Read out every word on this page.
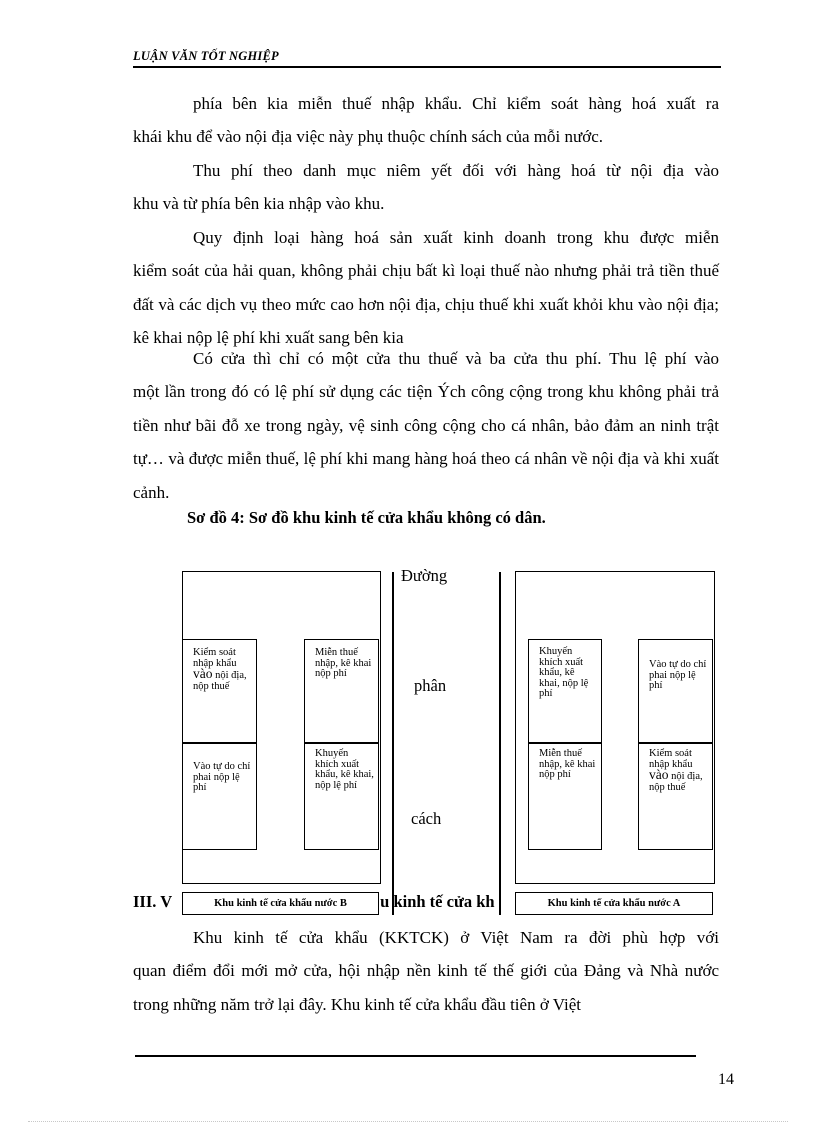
LUẬN VĂN TỐT NGHIỆP

phía bên kia miễn thuế nhập khẩu. Chỉ kiểm soát hàng hoá xuất ra
khái khu để vào nội địa việc này phụ thuộc chính sách của mỗi nước.

Thu phí theo danh mục niêm yết đối với hàng hoá từ nội địa vào
khu và từ phía bên kia nhập vào khu.

Quy định loại hàng hoá sản xuất kinh doanh trong khu được miễn
kiểm soát của hải quan, không phải chịu bất kì loại thuế nào nhưng phải trả tiền thuế đất và các dịch vụ theo mức cao hơn nội địa, chịu thuế khi xuất khỏi khu vào nội địa; kê khai nộp lệ phí khi xuất sang bên kia

Có cửa thì chỉ có một cửa thu thuế và ba cửa thu phí. Thu lệ phí vào
một lần trong đó có lệ phí sử dụng các tiện Ých công cộng trong khu không phải trả tiền như bãi đỗ xe trong ngày, vệ sinh công cộng cho cá nhân, bảo đảm an ninh trật tự… và được miễn thuế, lệ phí khi mang hàng hoá theo cá nhân về nội địa và khi xuất cảnh.

Sơ đồ 4: Sơ đồ khu kinh tế cửa khẩu không có dân.
Kiểm soát nhập khẩu vào nội địa, nộp thuế
Miễn thuế nhập, kê khai nộp phí
Vào tự do chỉ phai nộp lệ phí
Khuyến khích xuất khẩu, kê khai, nộp lệ phí
Khuyến khích xuất khẩu, kê khai, nộp lệ phí
Vào tự do chỉ phai nộp lệ phí
Miễn thuế nhập, kê khai nộp phí
Kiểm soát nhập khẩu vào nội địa, nộp thuế
Đường
phân
cách
III. V	u kinh tế cửa kh
Khu kinh tế cửa khẩu nước B	Khu kinh tế cửa khẩu nước A

Khu kinh tế cửa khẩu (KKTCK) ở Việt Nam ra đời phù hợp với
quan điểm đổi mới mở cửa, hội nhập nền kinh tế thế giới của Đảng và Nhà nước trong những năm trở lại đây. Khu kinh tế cửa khẩu đầu tiên ở Việt

14
